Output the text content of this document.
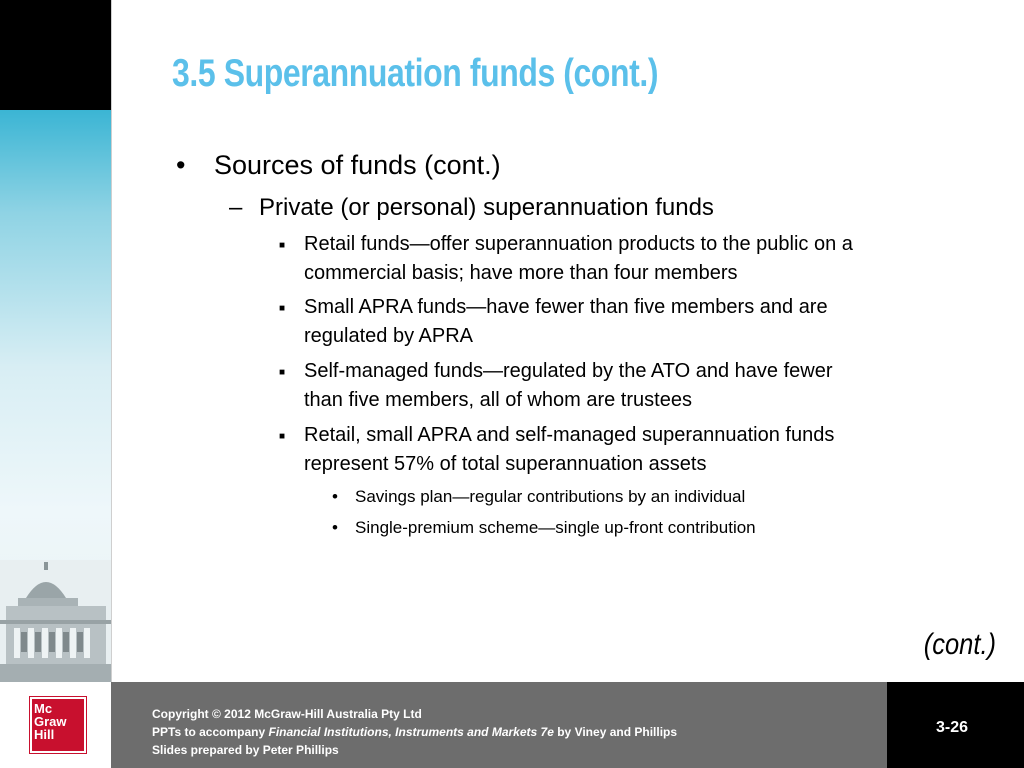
3.5 Superannuation funds (cont.)
• Sources of funds (cont.)
– Private (or personal) superannuation funds
■ Retail funds—offer superannuation products to the public on a
commercial basis; have more than four members
■ Small APRA funds—have fewer than five members and are
regulated by APRA
■ Self-managed funds—regulated by the ATO and have fewer
than five members, all of whom are trustees
■ Retail, small APRA and self-managed superannuation funds
represent 57% of total superannuation assets
• Savings plan—regular contributions by an individual
• Single-premium scheme—single up-front contribution
(cont.)
Mc
Graw
Hill
Copyright © 2012 McGraw-Hill Australia Pty Ltd
PPTs to accompany Financial Institutions, Instruments and Markets 7e by Viney and Phillips
Slides prepared by Peter Phillips
3-26
